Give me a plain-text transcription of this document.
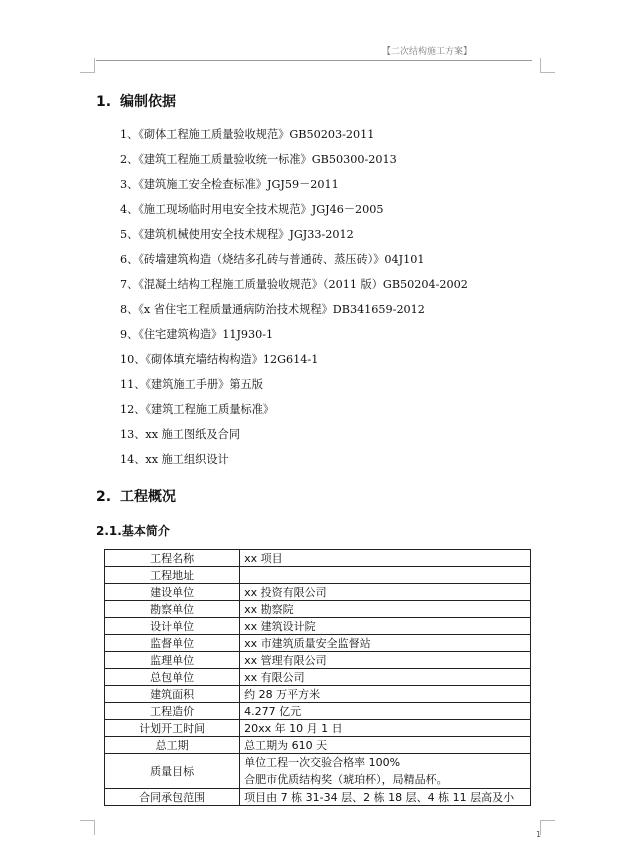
【二次结构施工方案】
1. 编制依据
1、《砌体工程施工质量验收规范》GB50203-2011
2、《建筑工程施工质量验收统一标准》GB50300-2013
3、《建筑施工安全检查标准》JGJ59－2011
4、《施工现场临时用电安全技术规范》JGJ46－2005
5、《建筑机械使用安全技术规程》JGJ33-2012
6、《砖墙建筑构造（烧结多孔砖与普通砖、蒸压砖）》04J101
7、《混凝土结构工程施工质量验收规范》（2011 版）GB50204-2002
8、《x 省住宅工程质量通病防治技术规程》DB341659-2012
9、《住宅建筑构造》11J930-1
10、《砌体填充墙结构构造》12G614-1
11、《建筑施工手册》第五版
12、《建筑工程施工质量标准》
13、xx 施工图纸及合同
14、xx 施工组织设计
2. 工程概况
2.1.基本简介
工程名称	xx 项目
工程地址	
建设单位	xx 投资有限公司
勘察单位	xx 勘察院
设计单位	xx 建筑设计院
监督单位	xx 市建筑质量安全监督站
监理单位	xx 管理有限公司
总包单位	xx 有限公司
建筑面积	约 28 万平方米
工程造价	4.277 亿元
计划开工时间	20xx 年 10 月 1 日
总工期	总工期为 610 天
质量目标	单位工程一次交验合格率 100%
合肥市优质结构奖（琥珀杯），局精品杯。

合同承包范围	项目由 7 栋 31-34 层、2 栋 18 层、4 栋 11 层高及小
1
